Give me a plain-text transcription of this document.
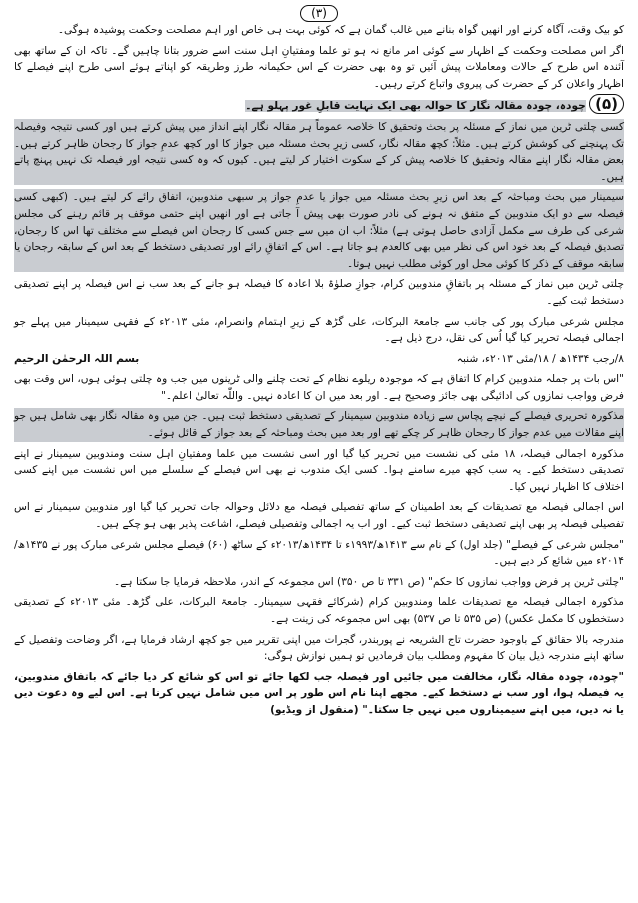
(۳)

کو بیک وقت، آگاہ کرنے اور انھیں گواہ بنانے میں غالب گمان ہے کہ کوئی بہت ہی خاص اور اہم مصلحت وحکمت پوشیدہ ہوگی۔

اگر اس مصلحت وحکمت کے اظہار سے کوئی امر مانع نہ ہو تو علما ومفتیانِ اہل سنت اسے ضرور بتانا چاہیں گے۔ تاکہ ان کے ساتھ بھی آئندہ اس طرح کے حالات ومعاملات پیش آئیں تو وہ بھی حضرت کے اس حکیمانہ طرز وطریقہ کو اپناتے ہوئے اسی طرح اپنے فیصلے کا اظہار واعلان کر کے حضرت کی پیروی واتباع کرتے رہیں۔

(۵) چودہ، چودہ مقالہ نگار کا حوالہ بھی ایک نہایت قابلِ غور پہلو ہے۔

کسی چلتی ٹرین میں نماز کے مسئلہ پر بحث وتحقیق کا خلاصہ عموماً ہر مقالہ نگار اپنے انداز میں پیش کرتے ہیں اور کسی نتیجہ وفیصلہ تک پہنچنے کی کوشش کرتے ہیں۔ مثلاً: کچھ مقالہ نگار، کسی زیرِ بحث مسئلہ میں جواز کا اور کچھ عدمِ جواز کا رجحان ظاہر کرتے ہیں۔ بعض مقالہ نگار اپنے مقالہ وتحقیق کا خلاصہ پیش کر کے سکوت اختیار کر لیتے ہیں۔ کیوں کہ وہ کسی نتیجہ اور فیصلہ تک نہیں پہنچ پاتے ہیں۔

سیمینار میں بحث ومباحثہ کے بعد اس زیرِ بحث مسئلہ میں جواز یا عدمِ جواز پر سبھی مندوبین، اتفاق رائے کر لیتے ہیں۔ (کبھی کسی فیصلہ سے دو ایک مندوبین کے متفق نہ ہونے کی نادر صورت بھی پیش آ جاتی ہے اور انھیں اپنے حتمی موقف پر قائم رہنے کی مجلس شرعی کی طرف سے مکمل آزادی حاصل ہوتی ہے) مثلاً: اب ان میں سے جس کسی کا رجحان اس فیصلے سے مختلف تھا اس کا رجحان، تصدیق فیصلہ کے بعد خود اس کی نظر میں بھی کالعدم ہو جاتا ہے۔ اس کے اتفاقِ رائے اور تصدیقی دستخط کے بعد اس کے سابقہ رجحان یا سابقہ موقف کے ذکر کا کوئی محل اور کوئی مطلب نہیں ہوتا۔

چلتی ٹرین میں نماز کے مسئلہ پر باتفاقِ مندوبین کرام، جوازِ صلوٰۃ بلا اعادہ کا فیصلہ ہو جانے کے بعد سب نے اس فیصلہ پر اپنے تصدیقی دستخط ثبت کیے۔

مجلس شرعی مبارک پور کی جانب سے جامعۃ البرکات، علی گڑھ کے زیرِ اہتمام وانصرام، مئی ۲۰۱۳ء کے فقہی سیمینار میں پہلے جو اجمالی فیصلہ تحریر کیا گیا اُس کی نقل، درج ذیل ہے۔

۸/رجب ۱۴۳۴ھ / ۱۸/مئی ۲۰۱۳ء، شنبہ
بسم اللہ الرحمٰن الرحیم

"اس بات پر جملہ مندوبین کرام کا اتفاق ہے کہ موجودہ ریلوے نظام کے تحت چلنے والی ٹرینوں میں جب وہ چلتی ہوئی ہوں، اس وقت بھی فرض وواجب نمازوں کی ادائیگی بھی جائز وصحیح ہے۔ اور بعد میں ان کا اعادہ نہیں۔ واللّٰہ تعالیٰ اعلم۔"

مذکورہ تحریری فیصلے کے نیچے پچاس سے زیادہ مندوبین سیمینار کے تصدیقی دستخط ثبت ہیں۔ جن میں وہ مقالہ نگار بھی شامل ہیں جو اپنے مقالات میں عدم جواز کا رجحان ظاہر کر چکے تھے اور بعد میں بحث ومباحثہ کے بعد جواز کے قائل ہوئے۔

مذکورہ اجمالی فیصلہ، ۱۸ مئی کی نشست میں تحریر کیا گیا اور اسی نشست میں علما ومفتیانِ اہل سنت ومندوبین سیمینار نے اپنے تصدیقی دستخط کیے۔ یہ سب کچھ میرے سامنے ہوا۔ کسی ایک مندوب نے بھی اس فیصلے کے سلسلے میں اس نشست میں اپنے کسی اختلاف کا اظہار نہیں کیا۔

اس اجمالی فیصلہ مع تصدیقات کے بعد اطمینان کے ساتھ تفصیلی فیصلہ مع دلائل وحوالہ جات تحریر کیا گیا اور مندوبین سیمینار نے اس تفصیلی فیصلہ پر بھی اپنے تصدیقی دستخط ثبت کیے۔ اور اب یہ اجمالی وتفصیلی فیصلے، اشاعت پذیر بھی ہو چکے ہیں۔

"مجلس شرعی کے فیصلے" (جلد اول) کے نام سے ۱۴۱۳ھ/۱۹۹۳ء تا ۱۴۳۴ھ/۲۰۱۳ء کے ساٹھ (۶۰) فیصلے مجلس شرعی مبارک پور نے ۱۴۳۵ھ/۲۰۱۴ء میں شائع کر دیے ہیں۔

"چلتی ٹرین پر فرض وواجب نمازوں کا حکم" (ص ۳۳۱ تا ص ۳۵۰) اس مجموعہ کے اندر، ملاحظہ فرمایا جا سکتا ہے۔

مذکورہ اجمالی فیصلہ مع تصدیقات علما ومندوبین کرام (شرکائے فقہی سیمینار۔ جامعۃ البرکات، علی گڑھ۔ مئی ۲۰۱۳ء کے تصدیقی دستخطوں کا مکمل عکس) (ص ۵۳۵ تا ص ۵۳۷) بھی اس مجموعہ کی زینت ہے۔

مندرجہ بالا حقائق کے باوجود حضرت تاج الشریعہ نے پوربندر، گجرات میں اپنی تقریر میں جو کچھ ارشاد فرمایا ہے، اگر وضاحت وتفصیل کے ساتھ اپنے مندرجہ ذیل بیان کا مفہوم ومطلب بیان فرمادیں تو ہمیں نوازش ہوگی:

"چودہ، چودہ مقالہ نگار، مخالفت میں جائیں اور فیصلہ جب لکھا جائے تو اس کو شائع کر دیا جائے کہ باتفاق مندوبین، یہ فیصلہ ہوا، اور سب نے دستخط کیے۔ مجھے اپنا نام اس طور پر اس میں شامل نہیں کرنا ہے۔ اس لیے وہ دعوت دیں یا نہ دیں، میں اپنے سیمیناروں میں نہیں جا سکتا۔" (منقول از ویڈیو)
